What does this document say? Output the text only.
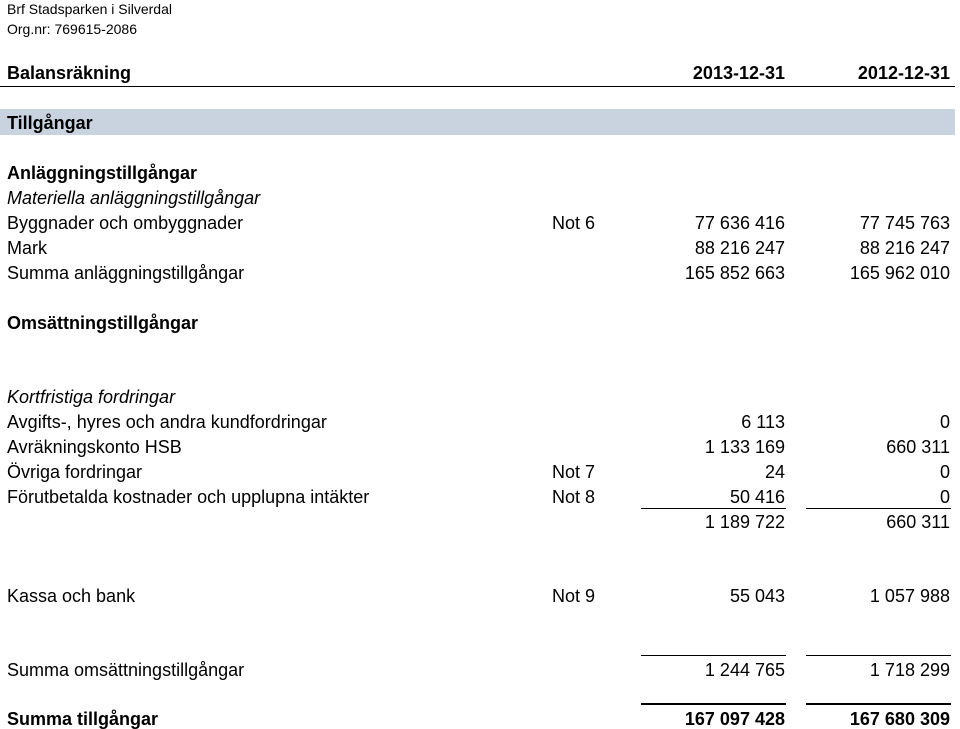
Brf Stadsparken i Silverdal
Org.nr: 769615-2086
Balansräkning	2013-12-31	2012-12-31
Tillgångar
Anläggningstillgångar
Materiella anläggningstillgångar
Byggnader och ombyggnader	Not 6	77 636 416	77 745 763
Mark	88 216 247	88 216 247
Summa anläggningstillgångar	165 852 663	165 962 010
Omsättningstillgångar
Kortfristiga fordringar
Avgifts-, hyres och andra kundfordringar	6 113	0
Avräkningskonto HSB	1 133 169	660 311
Övriga fordringar	Not 7	24	0
Förutbetalda kostnader och upplupna intäkter	Not 8	50 416	0
1 189 722	660 311
Kassa och bank	Not 9	55 043	1 057 988
Summa omsättningstillgångar	1 244 765	1 718 299
Summa tillgångar	167 097 428	167 680 309
